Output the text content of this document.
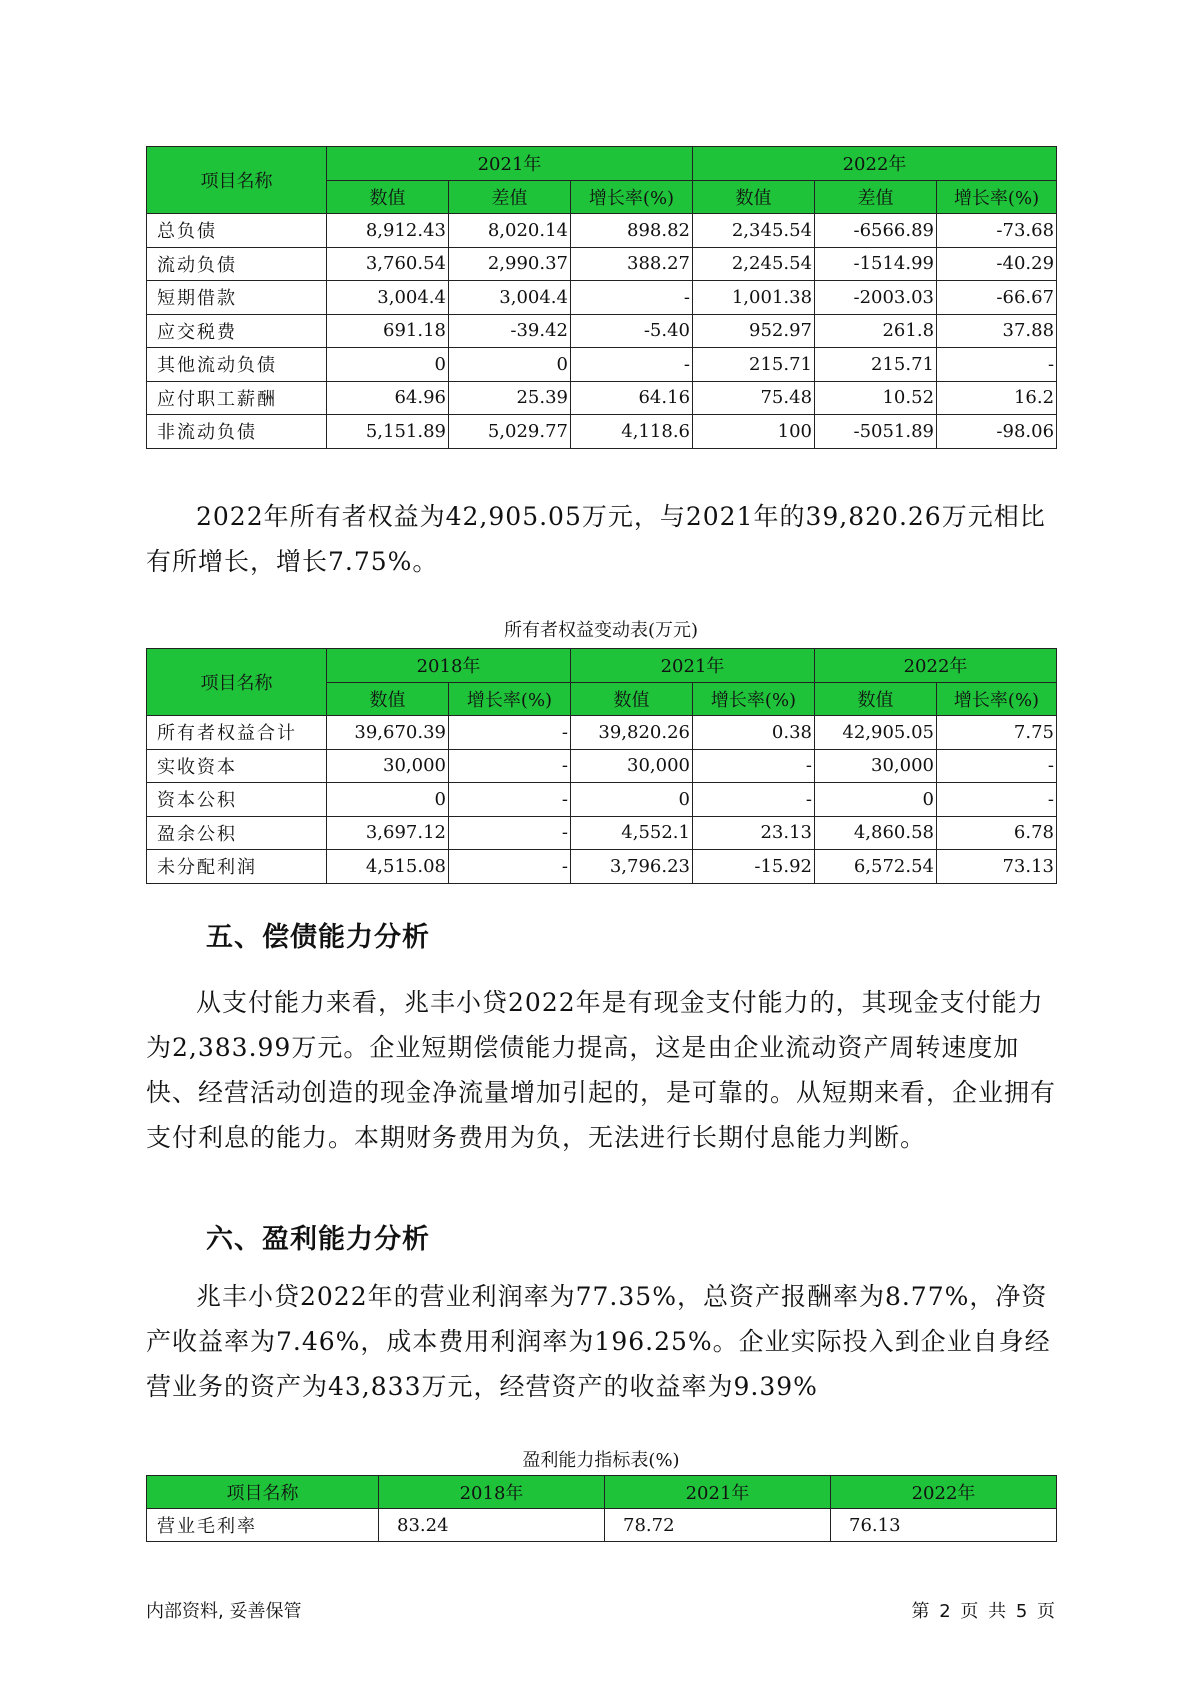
项目名称	2021年			2022年		
	数值	差值	增长率(%)	数值	差值	增长率(%)
总负债	8,912.43	8,020.14	898.82	2,345.54	-6566.89	-73.68
流动负债	3,760.54	2,990.37	388.27	2,245.54	-1514.99	-40.29
短期借款	3,004.4	3,004.4	-	1,001.38	-2003.03	-66.67
应交税费	691.18	-39.42	-5.40	952.97	261.8	37.88
其他流动负债	0	0	-	215.71	215.71	-
应付职工薪酬	64.96	25.39	64.16	75.48	10.52	16.2
非流动负债	5,151.89	5,029.77	4,118.6	100	-5051.89	-98.06

2022年所有者权益为42,905.05万元，与2021年的39,820.26万元相比有所增长，增长7.75%。

所有者权益变动表(万元)

项目名称	2018年		2021年		2022年	
	数值	增长率(%)	数值	增长率(%)	数值	增长率(%)
所有者权益合计	39,670.39	-	39,820.26	0.38	42,905.05	7.75
实收资本	30,000	-	30,000	-	30,000	-
资本公积	0	-	0	-	0	-
盈余公积	3,697.12	-	4,552.1	23.13	4,860.58	6.78
未分配利润	4,515.08	-	3,796.23	-15.92	6,572.54	73.13
五、偿债能力分析

从支付能力来看，兆丰小贷2022年是有现金支付能力的，其现金支付能力为2,383.99万元。企业短期偿债能力提高，这是由企业流动资产周转速度加快、经营活动创造的现金净流量增加引起的，是可靠的。从短期来看，企业拥有支付利息的能力。本期财务费用为负，无法进行长期付息能力判断。

六、盈利能力分析

兆丰小贷2022年的营业利润率为77.35%，总资产报酬率为8.77%，净资产收益率为7.46%，成本费用利润率为196.25%。企业实际投入到企业自身经营业务的资产为43,833万元，经营资产的收益率为9.39%

盈利能力指标表(%)

项目名称	2018年	2021年	2022年
营业毛利率	83.24	78.72	76.13
内部资料, 妥善保管	第 2 页 共 5 页
